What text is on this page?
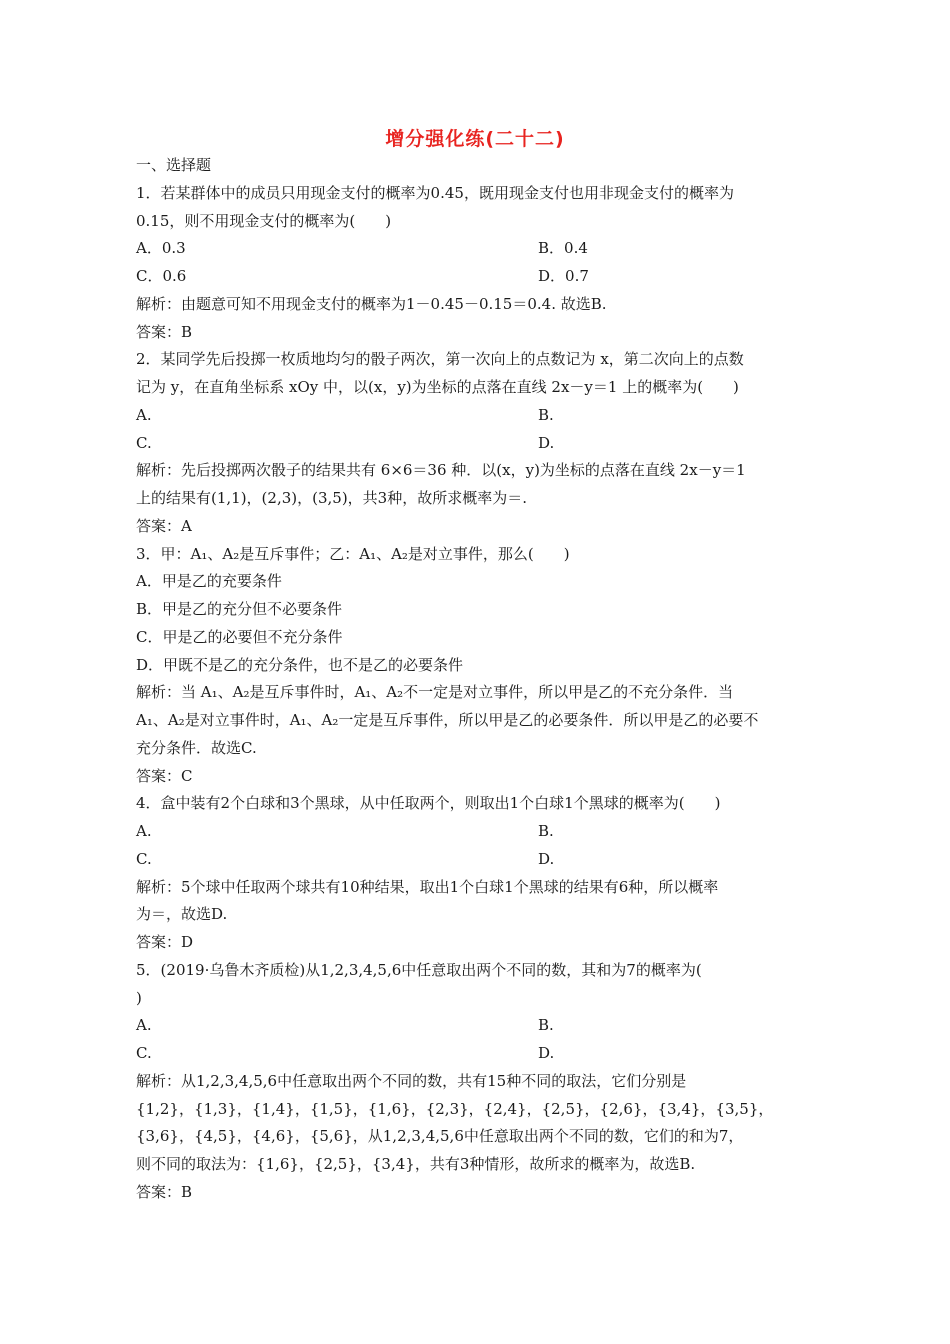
增分强化练(二十二)
一、选择题
1．若某群体中的成员只用现金支付的概率为0.45，既用现金支付也用非现金支付的概率为
0.15，则不用现金支付的概率为(　　)
A．0.3	B．0.4
C．0.6	D．0.7
解析：由题意可知不用现金支付的概率为1－0.45－0.15＝0.4. 故选B.
答案：B
2．某同学先后投掷一枚质地均匀的骰子两次，第一次向上的点数记为 x，第二次向上的点数
记为 y，在直角坐标系 xOy 中，以(x，y)为坐标的点落在直线 2x－y＝1 上的概率为(　　)
A.	B.
C.	D.
解析：先后投掷两次骰子的结果共有 6×6＝36 种．以(x，y)为坐标的点落在直线 2x－y＝1
上的结果有(1,1)，(2,3)，(3,5)，共3种，故所求概率为＝.
答案：A
3．甲：A₁、A₂是互斥事件；乙：A₁、A₂是对立事件，那么(　　)
A．甲是乙的充要条件
B．甲是乙的充分但不必要条件
C．甲是乙的必要但不充分条件
D．甲既不是乙的充分条件，也不是乙的必要条件
解析：当 A₁、A₂是互斥事件时，A₁、A₂不一定是对立事件，所以甲是乙的不充分条件．当
A₁、A₂是对立事件时，A₁、A₂一定是互斥事件，所以甲是乙的必要条件．所以甲是乙的必要不
充分条件．故选C.
答案：C
4．盒中装有2个白球和3个黑球，从中任取两个，则取出1个白球1个黑球的概率为(　　)
A.	B.
C.	D.
解析：5个球中任取两个球共有10种结果，取出1个白球1个黑球的结果有6种，所以概率
为＝，故选D.
答案：D
5．(2019·乌鲁木齐质检)从1,2,3,4,5,6中任意取出两个不同的数，其和为7的概率为(
)
A.	B.
C.	D.
解析：从1,2,3,4,5,6中任意取出两个不同的数，共有15种不同的取法，它们分别是
{1,2}，{1,3}，{1,4}，{1,5}，{1,6}，{2,3}，{2,4}，{2,5}，{2,6}，{3,4}，{3,5}，
{3,6}，{4,5}，{4,6}，{5,6}，从1,2,3,4,5,6中任意取出两个不同的数，它们的和为7，
则不同的取法为：{1,6}，{2,5}，{3,4}，共有3种情形，故所求的概率为，故选B.
答案：B
